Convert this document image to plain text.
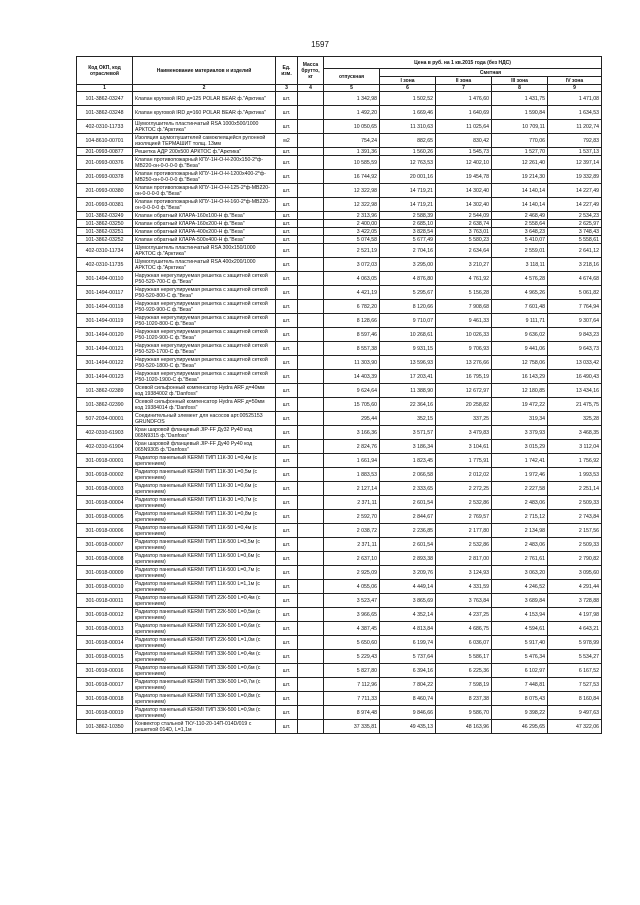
1597
Код ОКП, код отраслевой	Наименование материалов и изделий	Ед. изм.	Масса брутто, кг	Цена в руб. на 1 кв.2015 года (без НДС)				
				отпускная	Сметная			
					I зона	II зона	III зона	IV зона
1	2	3	4	5	6	7	8	9
101-3862-03247	Клапан круговой IRD д=125 POLAR BEAR ф."Арктика"	шт.		1 342,98	1 502,52	1 476,60	1 431,75	1 471,08
101-3862-03248	Клапан круговой IRD д=160 POLAR BEAR ф."Арктика"	шт.		1 492,20	1 669,46	1 640,69	1 590,84	1 634,53
402-0310-11733	Шумоглушитель пластинчатый RSA 1000х500/1000 АРКТОС ф."Арктика"	шт.		10 050,65	11 310,63	11 025,64	10 709,11	11 202,74
104-8610-00701	Изоляция шумоглушителей самоклеящейся рулонной изоляцией ТЕРМАШИТ толщ. 13мм	м2		754,24	882,65	830,42	770,06	792,83
201-0993-00877	Решетка АДР 200х500 АРКТОС ф."Арктика"	шт.		1 391,36	1 560,26	1 545,73	1 527,70	1 537,13
201-0993-00376	Клапан противопожарный КПУ-1Н-О-Н-200х150-2*ф-МВ220-он-0-0-0-0 ф."Веза"	шт.		10 585,59	12 763,53	12 402,10	12 261,40	12 397,14
201-0993-00378	Клапан противопожарный КПУ-1Н-О-Н-1200х400-2*ф-МВ250-он-0-0-0-0 ф."Веза"	шт.		16 744,92	20 001,16	19 454,78	19 214,30	19 332,89
201-0993-00380	Клапан противопожарный КПУ-1Н-О-Н-125-2*ф-МВ220-он-0-0-0-0 ф."Веза"	шт.		12 322,98	14 719,21	14 302,40	14 140,14	14 227,49
201-0993-00381	Клапан противопожарный КПУ-1Н-О-Н-160-2*ф-МВ220-он-0-0-0-0 ф."Веза"	шт.		12 322,98	14 719,21	14 302,40	14 140,14	14 227,49
101-3862-03249	Клапан обратный КЛАРА-160х100-Н ф."Веза"	шт.		2 313,96	2 588,39	2 544,09	2 468,49	2 534,23
101-3862-03250	Клапан обратный КЛАРА-160х200-Н ф."Веза"	шт.		2 400,00	2 685,10	2 638,74	2 558,64	2 625,97
101-3862-03251	Клапан обратный КЛАРА-400х200-Н ф."Веза"	шт.		3 422,05	3 828,54	3 763,01	3 648,23	3 748,43
101-3862-03252	Клапан обратный КЛАРА-500х400-Н ф."Веза"	шт.		5 074,58	5 677,49	5 580,23	5 410,07	5 558,61
402-0310-11734	Шумоглушитель пластинчатый RSA 300х150/1000 АРКТОС ф."Арктика"	шт.		2 521,19	2 704,16	2 634,64	2 559,01	2 641,12
402-0310-11735	Шумоглушитель пластинчатый RSA 400х200/1000 АРКТОС ф."Арктика"	шт.		3 072,03	3 295,00	3 210,27	3 118,11	3 218,16
301-1494-00110	Наружная нерегулируемая решетка с защитной сеткой Р50-520-700-С ф."Веза"	шт.		4 063,05	4 876,80	4 761,92	4 576,28	4 674,68
301-1494-00117	Наружная нерегулируемая решетка с защитной сеткой Р50-520-800-С ф."Веза"	шт.		4 421,19	5 295,67	5 156,28	4 965,26	5 061,82
301-1494-00118	Наружная нерегулируемая решетка с защитной сеткой Р50-920-900-С ф."Веза"	шт.		6 782,20	8 120,66	7 908,68	7 601,48	7 764,94
301-1494-00119	Наружная нерегулируемая решетка с защитной сеткой Р50-1020-800-С ф."Веза"	шт.		8 128,66	9 710,07	9 461,33	9 111,71	9 307,64
301-1494-00120	Наружная нерегулируемая решетка с защитной сеткой Р50-1020-900-С ф."Веза"	шт.		8 597,46	10 268,61	10 026,33	9 636,02	9 843,23
301-1494-00121	Наружная нерегулируемая решетка с защитной сеткой Р50-520-1700-С ф."Веза"	шт.		8 557,38	9 931,15	9 706,93	9 441,06	9 643,73
301-1494-00122	Наружная нерегулируемая решетка с защитной сеткой Р50-520-1800-С ф."Веза"	шт.		11 303,90	13 596,93	13 276,66	12 758,06	13 033,42
301-1494-00123	Наружная нерегулируемая решетка с защитной сеткой Р50-1020-1900-С ф."Веза"	шт.		14 403,39	17 203,41	16 795,19	16 143,29	16 490,43
101-3862-02389	Осевой сильфонный компенсатор Hydra ARF д=40мм код 19384002 ф."Danfoss"	шт.		9 624,64	11 388,90	12 672,97	12 180,85	13 434,16
101-3862-02390	Осевой сильфонный компенсатор Hydra ARF д=50мм код 19384014 ф."Danfoss"	шт.		15 705,60	22 364,16	20 258,82	19 472,22	21 475,75
507-2034-00001	Соединительный элемент для насосов арт.00525153 GRUNDFOS	шт.		295,44	352,15	337,25	319,34	325,28
402-0310-61903	Кран шаровой фланцевый JIP-FF Ду32 Ру40 код 065N9315 ф."Danfoss"	шт.		3 166,36	3 571,57	3 479,83	3 379,93	3 468,35
402-0310-61904	Кран шаровой фланцевый JIP-FF Ду40 Ру40 код 065N9305 ф."Danfoss"	шт.		2 824,76	3 186,34	3 104,61	3 015,29	3 112,04
301-0918-00001	Радиатор панельный KERMI ТИП 11К-30 L=0,4м (с креплением)	шт.		1 661,94	1 823,45	1 775,91	1 742,41	1 756,92
301-0918-00002	Радиатор панельный KERMI ТИП 11К-30 L=0,5м (с креплением)	шт.		1 883,53	2 066,58	2 012,02	1 972,46	1 993,53
301-0918-00003	Радиатор панельный KERMI ТИП 11К-30 L=0,6м (с креплением)	шт.		2 127,14	2 333,65	2 272,25	2 227,58	2 251,14
301-0918-00004	Радиатор панельный KERMI ТИП 11К-30 L=0,7м (с креплением)	шт.		2 371,11	2 601,54	2 532,86	2 483,06	2 509,33
301-0918-00005	Радиатор панельный KERMI ТИП 11К-30 L=0,8м (с креплением)	шт.		2 592,70	2 844,67	2 769,57	2 715,12	2 743,84
301-0918-00006	Радиатор панельный KERMI ТИП 11К-50 L=0,4м (с креплением)	шт.		2 038,72	2 236,85	2 177,80	2 134,98	2 157,56
301-0918-00007	Радиатор панельный KERMI ТИП 11К-500 L=0,5м (с креплением)	шт.		2 371,11	2 601,54	2 532,86	2 483,06	2 509,33
301-0918-00008	Радиатор панельный KERMI ТИП 11К-500 L=0,6м (с креплением)	шт.		2 637,10	2 893,38	2 817,00	2 761,61	2 790,82
301-0918-00009	Радиатор панельный KERMI ТИП 11К-500 L=0,7м (с креплением)	шт.		2 925,09	3 209,76	3 124,93	3 063,20	3 095,60
301-0918-00010	Радиатор панельный KERMI ТИП 11К-500 L=1,1м (с креплением)	шт.		4 055,06	4 449,14	4 331,59	4 246,52	4 291,44
301-0918-00011	Радиатор панельный KERMI ТИП 22К-500 L=0,4м (с креплением)	шт.		3 523,47	3 865,69	3 763,84	3 689,84	3 728,88
301-0918-00012	Радиатор панельный KERMI ТИП 22К-500 L=0,5м (с креплением)	шт.		3 966,65	4 352,14	4 237,25	4 153,94	4 197,98
301-0918-00013	Радиатор панельный KERMI ТИП 22К-500 L=0,6м (с креплением)	шт.		4 387,45	4 813,84	4 686,75	4 594,61	4 643,21
301-0918-00014	Радиатор панельный KERMI ТИП 22К-500 L=1,0м (с креплением)	шт.		5 650,60	6 199,74	6 036,07	5 917,40	5 978,99
301-0918-00015	Радиатор панельный KERMI ТИП 33К-500 L=0,4м (с креплением)	шт.		5 229,43	5 737,64	5 586,17	5 476,34	5 534,27
301-0918-00016	Радиатор панельный KERMI ТИП 33К-500 L=0,6м (с креплением)	шт.		5 827,80	6 394,16	6 225,36	6 102,97	6 167,52
301-0918-00017	Радиатор панельный KERMI ТИП 33К-500 L=0,7м (с креплением)	шт.		7 112,96	7 804,22	7 598,19	7 448,81	7 527,53
301-0918-00018	Радиатор панельный KERMI ТИП 33К-500 L=0,8м (с креплением)	шт.		7 711,33	8 460,74	8 237,38	8 075,43	8 160,84
301-0918-00019	Радиатор панельный KERMI ТИП 33К-500 L=0,9м (с креплением)	шт.		8 974,48	9 846,66	9 586,70	9 398,22	9 497,63
101-3862-10350	Конвектор стальной ТКУ-110-20-14П-014D/019 с решеткой 014D, L=1,1м	шт.		37 335,81	49 435,13	48 163,96	46 295,65	47 322,06
